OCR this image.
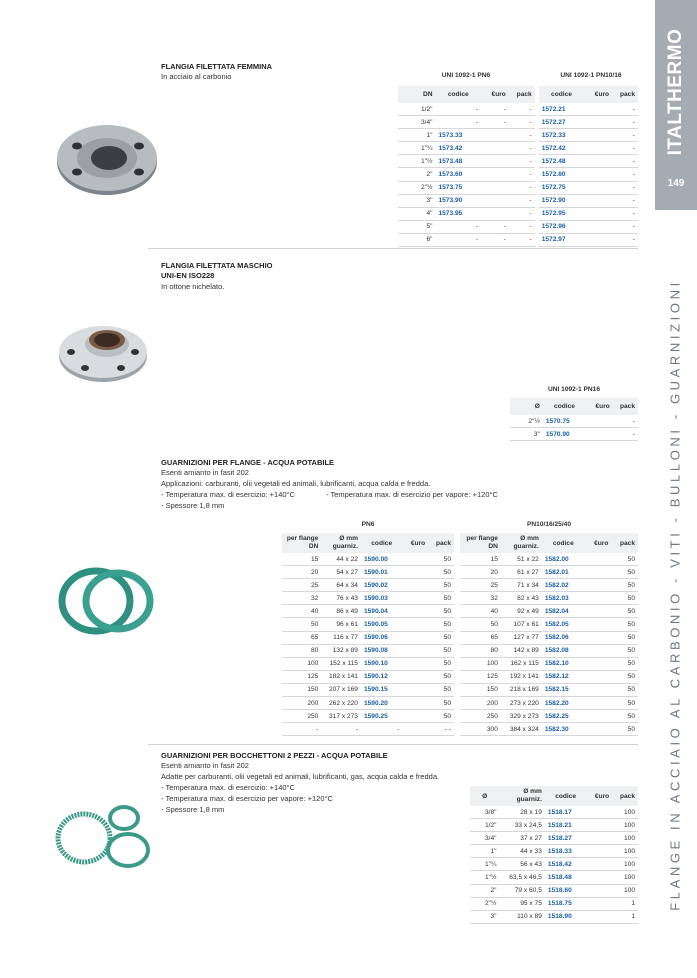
ITALTHERMO
149
FLANGE IN ACCIAIO AL CARBONIO - VITI - BULLONI - GUARNIZIONI
FLANGIA FILETTATA FEMMINA
In acciaio al carbonio	UNI 1092-1 PN6	UNI 1092-1 PN10/16
DN	codice	€uro	pack	codice	€uro	pack
1/2"	-	-	-	1572.21		-
3/4"	-	-	-	1572.27		-
1"	1573.33		-	1572.33		-
1"¼	1573.42		-	1572.42		-
1"½	1573.48		-	1572.48		-
2"	1573.60		-	1572.60		-
2"½	1573.75		-	1572.75		-
3"	1573.90		-	1572.90		-
4"	1573.95		-	1572.95		-
5"	-	-	-	1572.96		-
6"	-	-	-	1572.97		-
FLANGIA FILETTATA MASCHIO
UNI-EN ISO228
In ottone nichelato.
UNI 1092-1 PN16
Ø	codice	€uro	pack
2"½	1570.75		-
3"	1570.90		-
GUARNIZIONI PER FLANGE - ACQUA POTABILE
Esenti amianto in fasit 202
Applicazioni: carburanti, olii vegetali ed animali, lubrificanti, acqua calda e fredda.
- Temperatura max. di esercizio: +140°C	- Temperatura max. di esercizio per vapore: +120°C
- Spessore 1,8 mm
PN6	PN10/16/25/40
per flange
DN	Ø mm
guarniz.	codice	€uro	pack
15	44 x 22	1590.00		50
20	54 x 27	1590.01		50
25	64 x 34	1590.02		50
32	76 x 43	1590.03		50
40	86 x 49	1590.04		50
50	96 x 61	1590.05		50
65	116 x 77	1590.06		50
80	132 x 89	1590.08		50
100	152 x 115	1590.10		50
125	182 x 141	1590.12		50
150	207 x 169	1590.15		50
200	262 x 220	1590.20		50
250	317 x 273	1590.25		50
-	-	-		- -
per flange
DN	Ø mm
guarniz.	codice	€uro	pack
15	51 x 22	1582.00		50
20	61 x 27	1582.01		50
25	71 x 34	1582.02		50
32	82 x 43	1582.03		50
40	92 x 49	1582.04		50
50	107 x 61	1582.05		50
65	127 x 77	1582.06		50
80	142 x 89	1582.08		50
100	162 x 115	1582.10		50
125	192 x 141	1582.12		50
150	218 x 169	1582.15		50
200	273 x 220	1582.20		50
250	329 x 273	1582.25		50
300	384 x 324	1582.30		50
GUARNIZIONI PER BOCCHETTONI 2 PEZZI - ACQUA POTABILE
Esenti amianto in fasit 202
Adatte per carburanti, olii vegetali ed animali, lubrificanti, gas, acqua calda e fredda.
- Temperatura max. di esercizio: +140°C
- Temperatura max. di esercizio per vapore: +120°C
- Spessore 1,8 mm
Ø	Ø mm
guarniz.	codice	€uro	pack
3/8"	28 x 19	1518.17		100
1/2"	33 x 24,5	1518.21		100
3/4"	37 x 27	1518.27		100
1"	44 x 33	1518.33		100
1"¼	56 x 43	1518.42		100
1"½	63,5 x 46,5	1518.48		100
2"	79 x 60,5	1518.60		100
2"½	95 x 75	1518.75		1
3"	110 x 89	1518.90		1
